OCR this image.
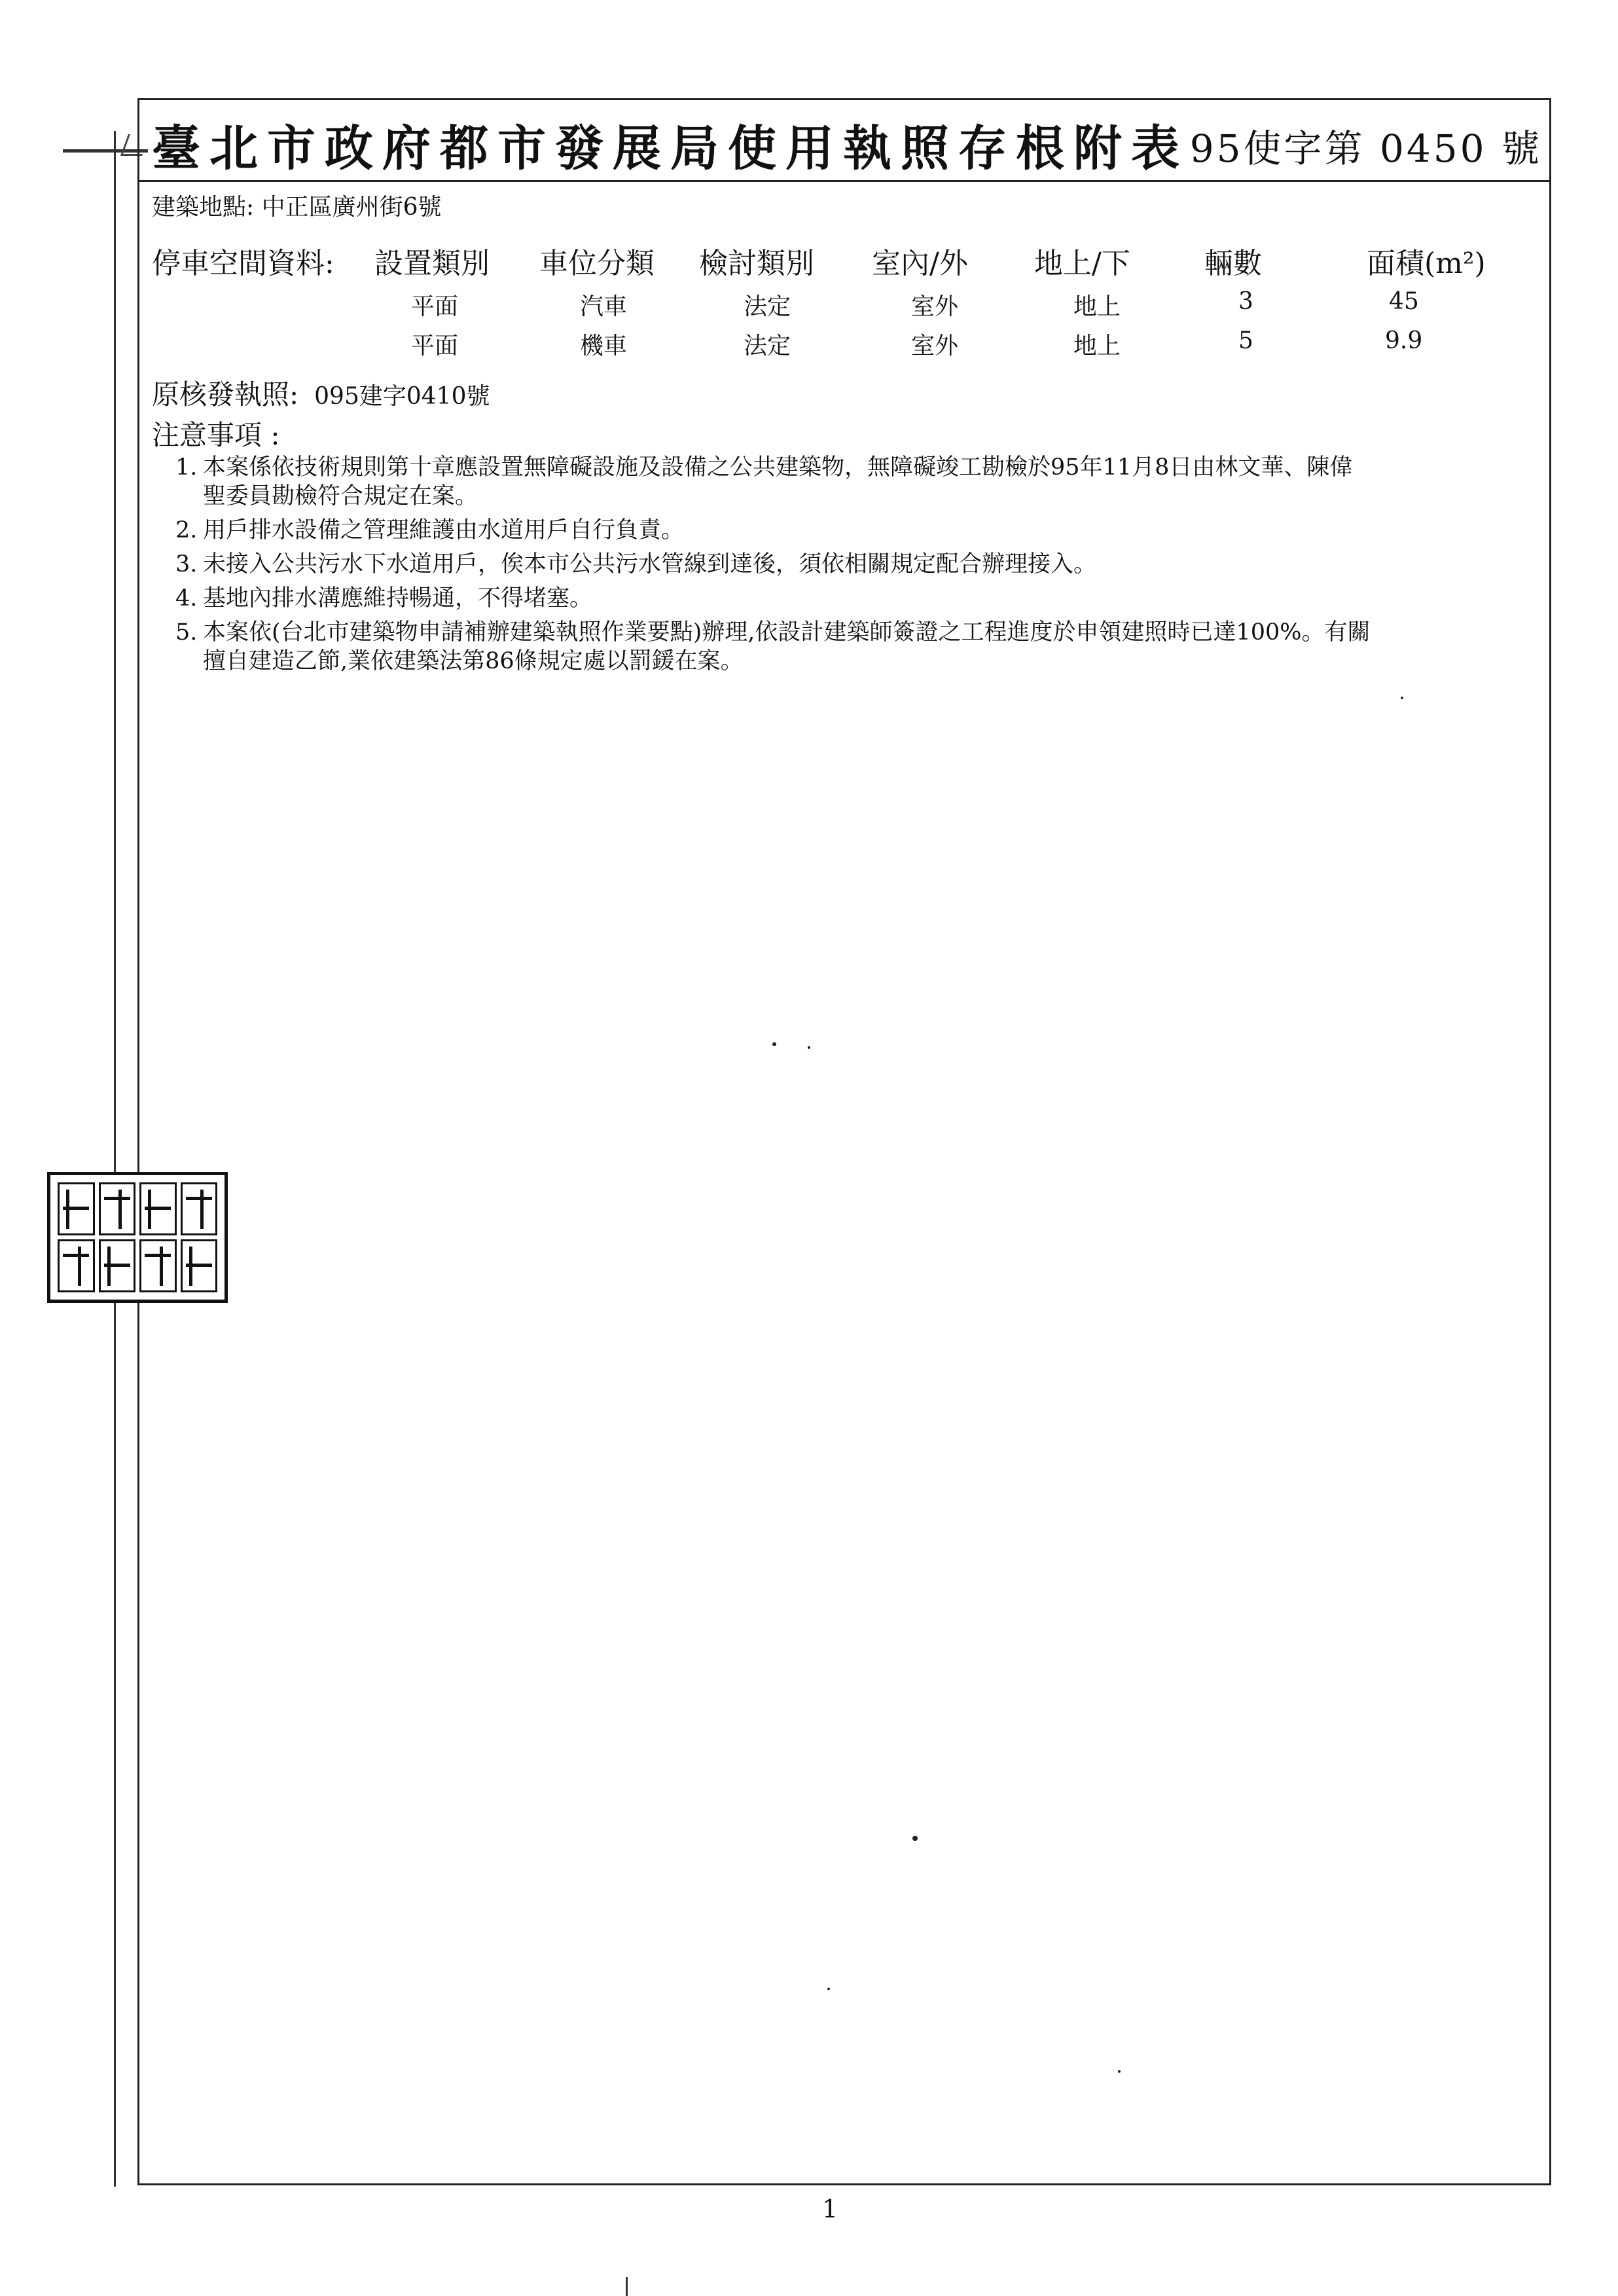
臺北市政府都市發展局使用執照存根附表 95使字第 0450 號
建築地點: 中正區廣州街6號
停車空間資料: 設置類別 車位分類 檢討類別 室內/外 地上/下	輛數	面積(m²)
平面	汽車	法定	室外	地上	3	45
平面	機車	法定	室外	地上	5	9.9
原核發執照: 095建字0410號
注意事項 :
1. 本案係依技術規則第十章應設置無障礙設施及設備之公共建築物，無障礙竣工勘檢於95年11月8日由林文華、陳偉
聖委員勘檢符合規定在案。
2. 用戶排水設備之管理維護由水道用戶自行負責。
3. 未接入公共污水下水道用戶，俟本市公共污水管線到達後，須依相關規定配合辦理接入。
4. 基地內排水溝應維持暢通，不得堵塞。
5. 本案依(台北市建築物申請補辦建築執照作業要點)辦理,依設計建築師簽證之工程進度於申領建照時已達100%。有關
擅自建造乙節,業依建築法第86條規定處以罰鍰在案。
1
